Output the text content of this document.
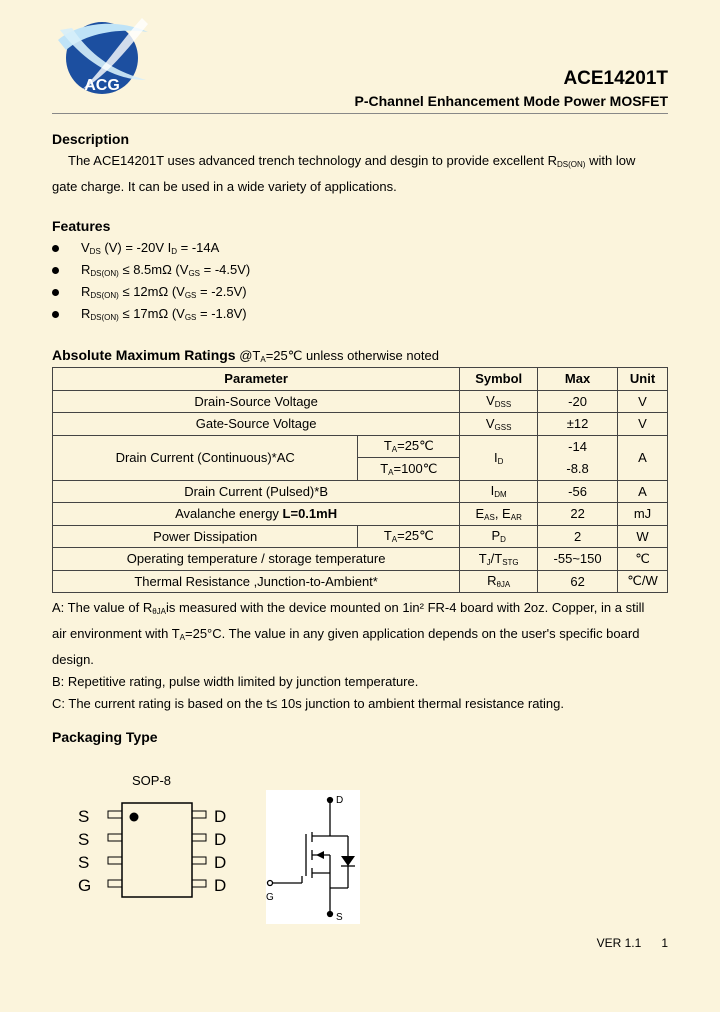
ACG	ACE14201T
P-Channel Enhancement Mode Power MOSFET
Description
The ACE14201T uses advanced trench technology and desgin to provide excellent $R_{DS(ON)}$ with low
gate charge. It can be used in a wide variety of applications.
Features
$V_{DS}$ (V) = -20V $I_D = -14A$
$R_{DS(ON)} \le 8.5m\Omega$ $(V_{GS} = -4.5V)$
$R_{DS(ON)} \le 12m\Omega$ $(V_{GS} = -2.5V)$
$R_{DS(ON)} \le 17m\Omega$ $(V_{GS} = -1.8V)$
Absolute Maximum Ratings $@T_A=25℃$ unless otherwise noted
Parameter		Symbol	Max	Unit
Drain-Source Voltage		$V_{DSS}$	-20	V
Gate-Source Voltage		$V_{GSS}$	±12	V
Drain Current (Continuous)*AC	$T_A=25℃$	$I_D$	-14	A
	$T_A=100℃$		-8.8	
Drain Current (Pulsed)*B		$I_{DM}$	-56	A
Avalanche energy L=0.1mH		$E_{AS}$, $E_{AR}$	22	mJ
Power Dissipation	$T_A=25℃$	$P_D$	2	W
Operating temperature / storage temperature		$T_J/T_{STG}$	-55~150	℃
Thermal Resistance ,Junction-to-Ambient*		$R_{\theta JA}$	62	℃/W
A: The value of $R_{\theta JA}is$ measured with the device mounted on 1in² FR-4 board with 2oz. Copper, in a still
air environment with $T_A=25^\circ C$. The value in any given application depends on the user's specific board
design.
B: Repetitive rating, pulse width limited by junction temperature.
C: The current rating is based on the t≤ 10s junction to ambient thermal resistance rating.
Packaging Type
SOP-8
S
S
S
G
D
D
D
D
D
G
S
VER 1.1 1
